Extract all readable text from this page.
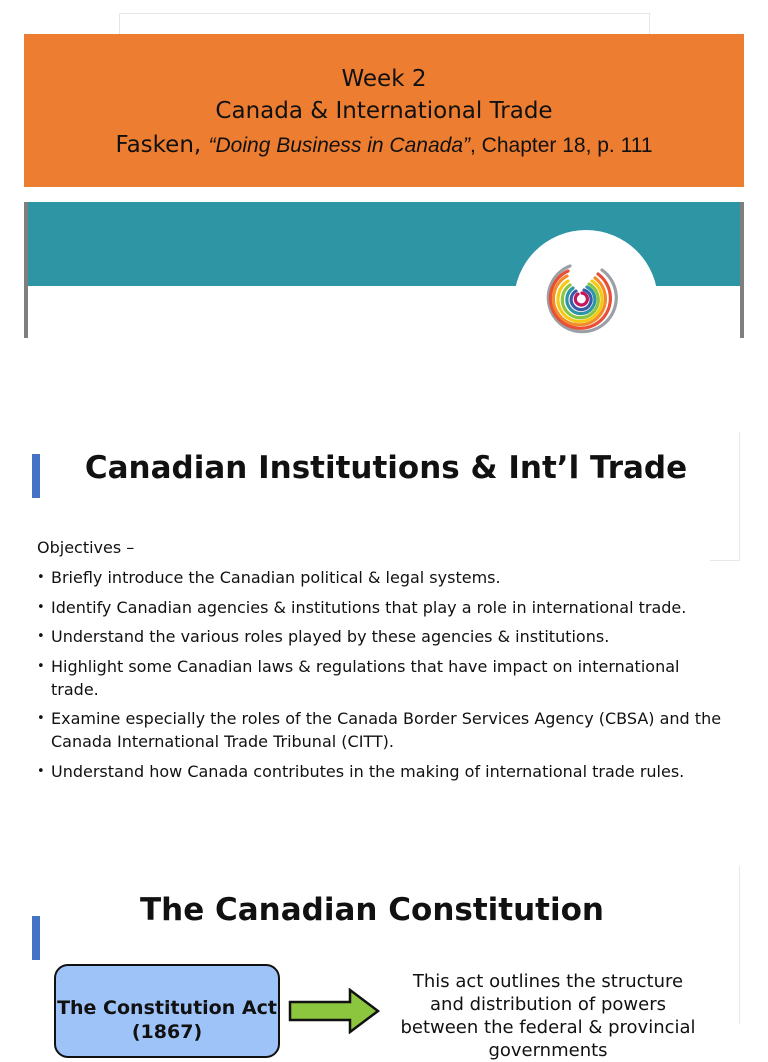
Week 2
Canada & International Trade
Fasken, “Doing Business in Canada”, Chapter 18, p. 111
Canadian Institutions & Int’l Trade
Objectives –
• Briefly introduce the Canadian political & legal systems.
• Identify Canadian agencies & institutions that play a role in international trade.
• Understand the various roles played by these agencies & institutions.
• Highlight some Canadian laws & regulations that have impact on international trade.
• Examine especially the roles of the Canada Border Services Agency (CBSA) and the Canada International Trade Tribunal (CITT).
• Understand how Canada contributes in the making of international trade rules.
The Canadian Constitution
The Constitution Act (1867)
This act outlines the structure and distribution of powers between the federal & provincial governments
